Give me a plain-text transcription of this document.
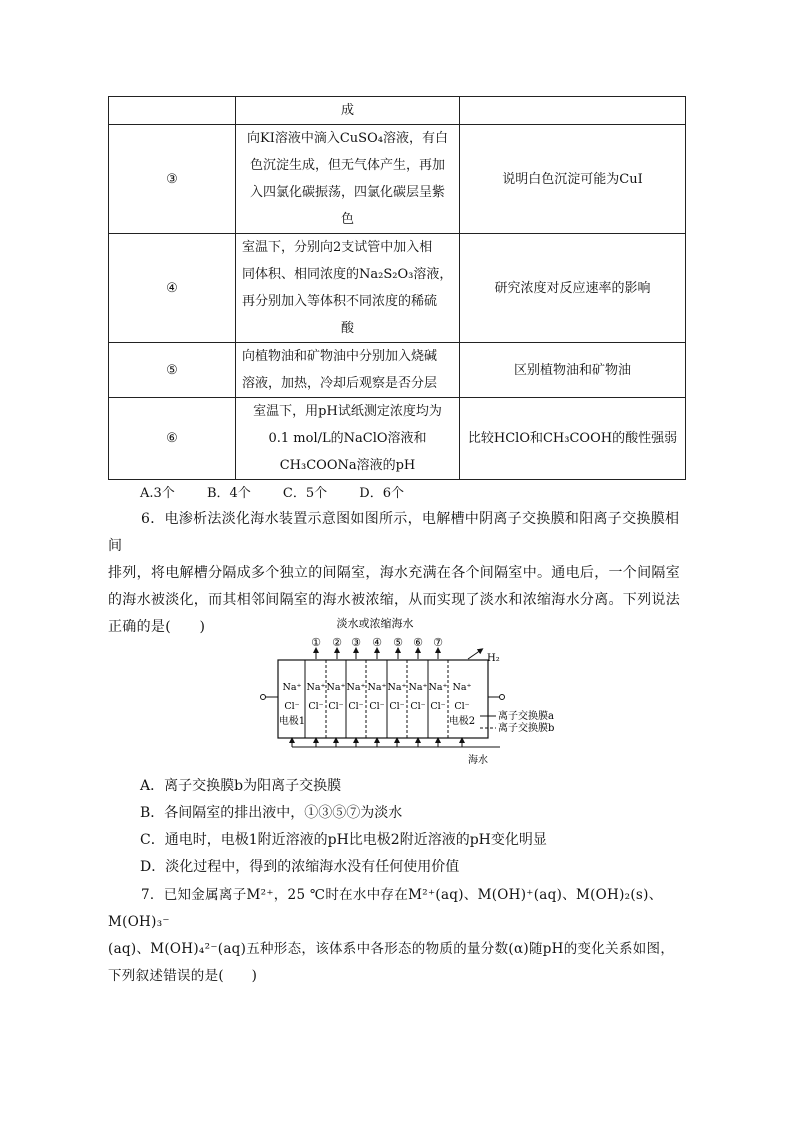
	成	
③	向KI溶液中滴入CuSO₄溶液，有白
色沉淀生成，但无气体产生，再加
入四氯化碳振荡，四氯化碳层呈紫
色	说明白色沉淀可能为CuI
④	室温下，分别向2支试管中加入相
同体积、相同浓度的Na₂S₂O₃溶液，
再分别加入等体积不同浓度的稀硫
酸	研究浓度对反应速率的影响
⑤	向植物油和矿物油中分别加入烧碱
溶液，加热，冷却后观察是否分层	区别植物油和矿物油
⑥	室温下，用pH试纸测定浓度均为
0.1 mol/L的NaClO溶液和
CH₃COONa溶液的pH	比较HClO和CH₃COOH的酸性强弱
A.3个 B．4个 C．5个 D．6个
6．电渗析法淡化海水装置示意图如图所示，电解槽中阴离子交换膜和阳离子交换膜相间
排列，将电解槽分隔成多个独立的间隔室，海水充满在各个间隔室中。通电后，一个间隔室
的海水被淡化，而其相邻间隔室的海水被浓缩，从而实现了淡水和浓缩海水分离。下列说法
正确的是(　　)	淡水或浓缩海水
① ② ③ ④ ⑤ ⑥ ⑦
H₂
Na⁺
Cl⁻
Na⁺
Cl⁻
Na⁺
Cl⁻
Na⁺
Cl⁻
Na⁺
Cl⁻
Na⁺
Cl⁻
Na⁺
Cl⁻
Na⁺
Cl⁻
Na⁺
Cl⁻
电极1	电极2 离子交换膜a
离子交换膜b
海水
A．离子交换膜b为阳离子交换膜
B．各间隔室的排出液中，①③⑤⑦为淡水
C．通电时，电极1附近溶液的pH比电极2附近溶液的pH变化明显
D．淡化过程中，得到的浓缩海水没有任何使用价值
7．已知金属离子M²⁺，25 ℃时在水中存在M²⁺(aq)、M(OH)⁺(aq)、M(OH)₂(s)、M(OH)₃⁻
(aq)、M(OH)₄²⁻(aq)五种形态，该体系中各形态的物质的量分数(α)随pH的变化关系如图，
下列叙述错误的是(　　)
